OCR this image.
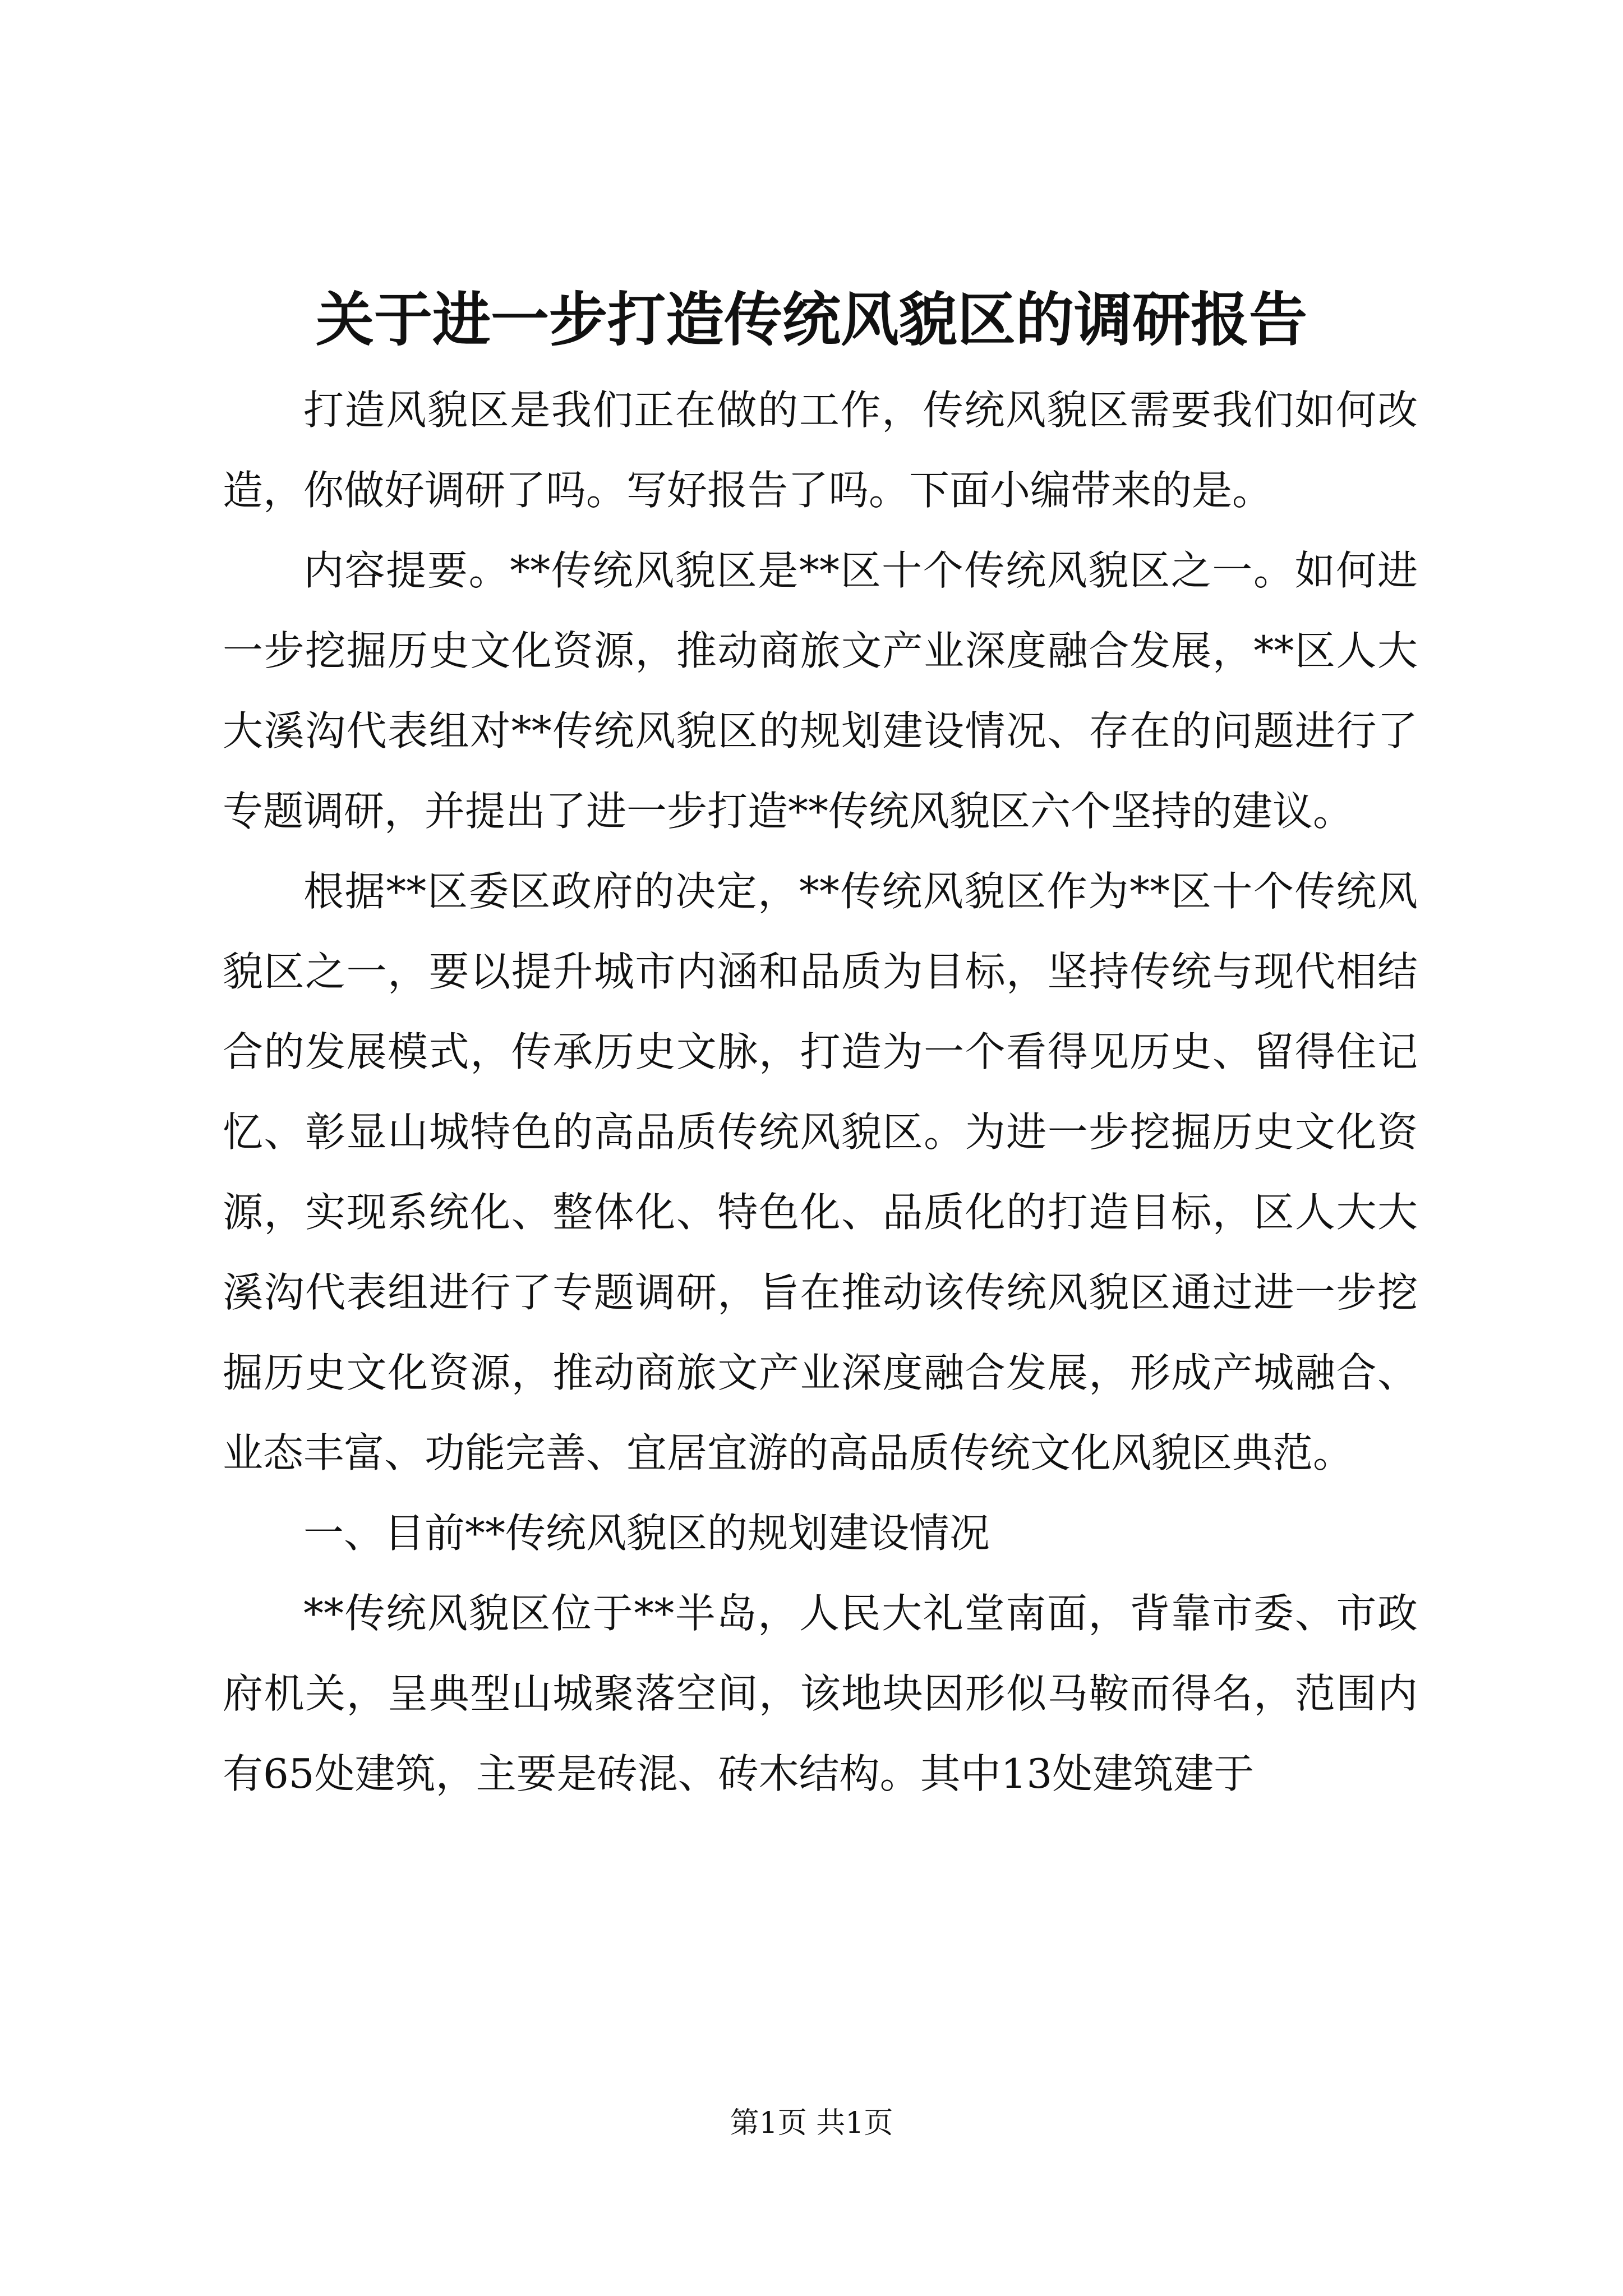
关于进一步打造传统风貌区的调研报告

打造风貌区是我们正在做的工作，传统风貌区需要我们如何改造，你做好调研了吗。写好报告了吗。下面小编带来的是。

内容提要。**传统风貌区是**区十个传统风貌区之一。如何进一步挖掘历史文化资源，推动商旅文产业深度融合发展，**区人大大溪沟代表组对**传统风貌区的规划建设情况、存在的问题进行了专题调研，并提出了进一步打造**传统风貌区六个坚持的建议。

根据**区委区政府的决定，**传统风貌区作为**区十个传统风貌区之一，要以提升城市内涵和品质为目标，坚持传统与现代相结合的发展模式，传承历史文脉，打造为一个看得见历史、留得住记忆、彰显山城特色的高品质传统风貌区。为进一步挖掘历史文化资源，实现系统化、整体化、特色化、品质化的打造目标，区人大大溪沟代表组进行了专题调研，旨在推动该传统风貌区通过进一步挖掘历史文化资源，推动商旅文产业深度融合发展，形成产城融合、业态丰富、功能完善、宜居宜游的高品质传统文化风貌区典范。

一、目前**传统风貌区的规划建设情况

**传统风貌区位于**半岛，人民大礼堂南面，背靠市委、市政府机关，呈典型山城聚落空间，该地块因形似马鞍而得名，范围内有65处建筑，主要是砖混、砖木结构。其中13处建筑建于

第1页 共1页
